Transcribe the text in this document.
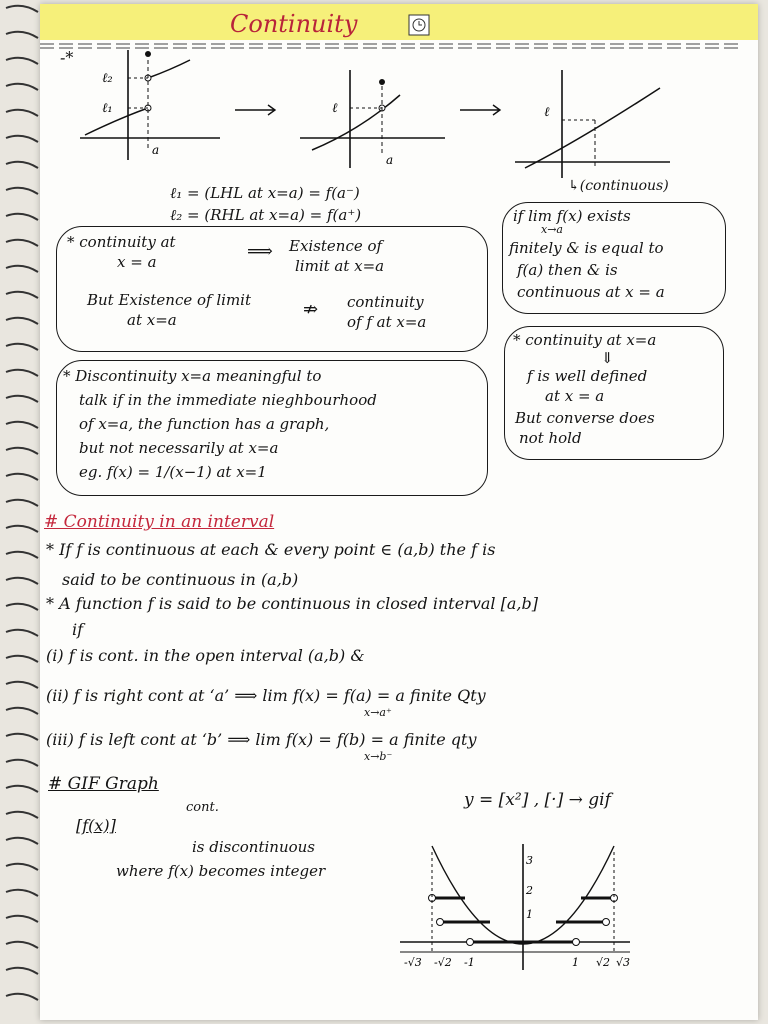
Continuity
-*
ℓ₂
ℓ₁
a
ℓ
a
ℓ
↳(continuous)
ℓ₁ = (LHL at x=a) = f(a⁻)
ℓ₂ = (RHL at x=a) = f(a⁺)
* continuity at
x = a	⟹ Existence of
limit at x=a
But Existence of limit
at x=a	⇏ continuity
of f at x=a
if lim f(x) exists
x→a
finitely & is equal to
f(a) then & is
continuous at x = a
* continuity at x=a
⇓
f is well defined
at x = a
But converse does
not hold
* Discontinuity x=a meaningful to
talk if in the immediate nieghbourhood
of x=a, the function has a graph,
but not necessarily at x=a
eg. f(x) = 1/(x−1) at x=1
# Continuity in an interval
* If f is continuous at each & every point ∈ (a,b) the f is
said to be continuous in (a,b)
* A function f is said to be continuous in closed interval [a,b]
if
(i) f is cont. in the open interval (a,b) &
(ii) f is right cont at ‘a’ ⟹ lim f(x) = f(a) = a finite Qty
x→a⁺
(iii) f is left cont at ‘b’ ⟹ lim f(x) = f(b) = a finite qty
x→b⁻
# GIF Graph
cont.
[f(x)]
is discontinuous
where f(x) becomes integer
y = [x²] , [·] → gif
3
2
1
-√3 -√2 -1	1 √2 √3
